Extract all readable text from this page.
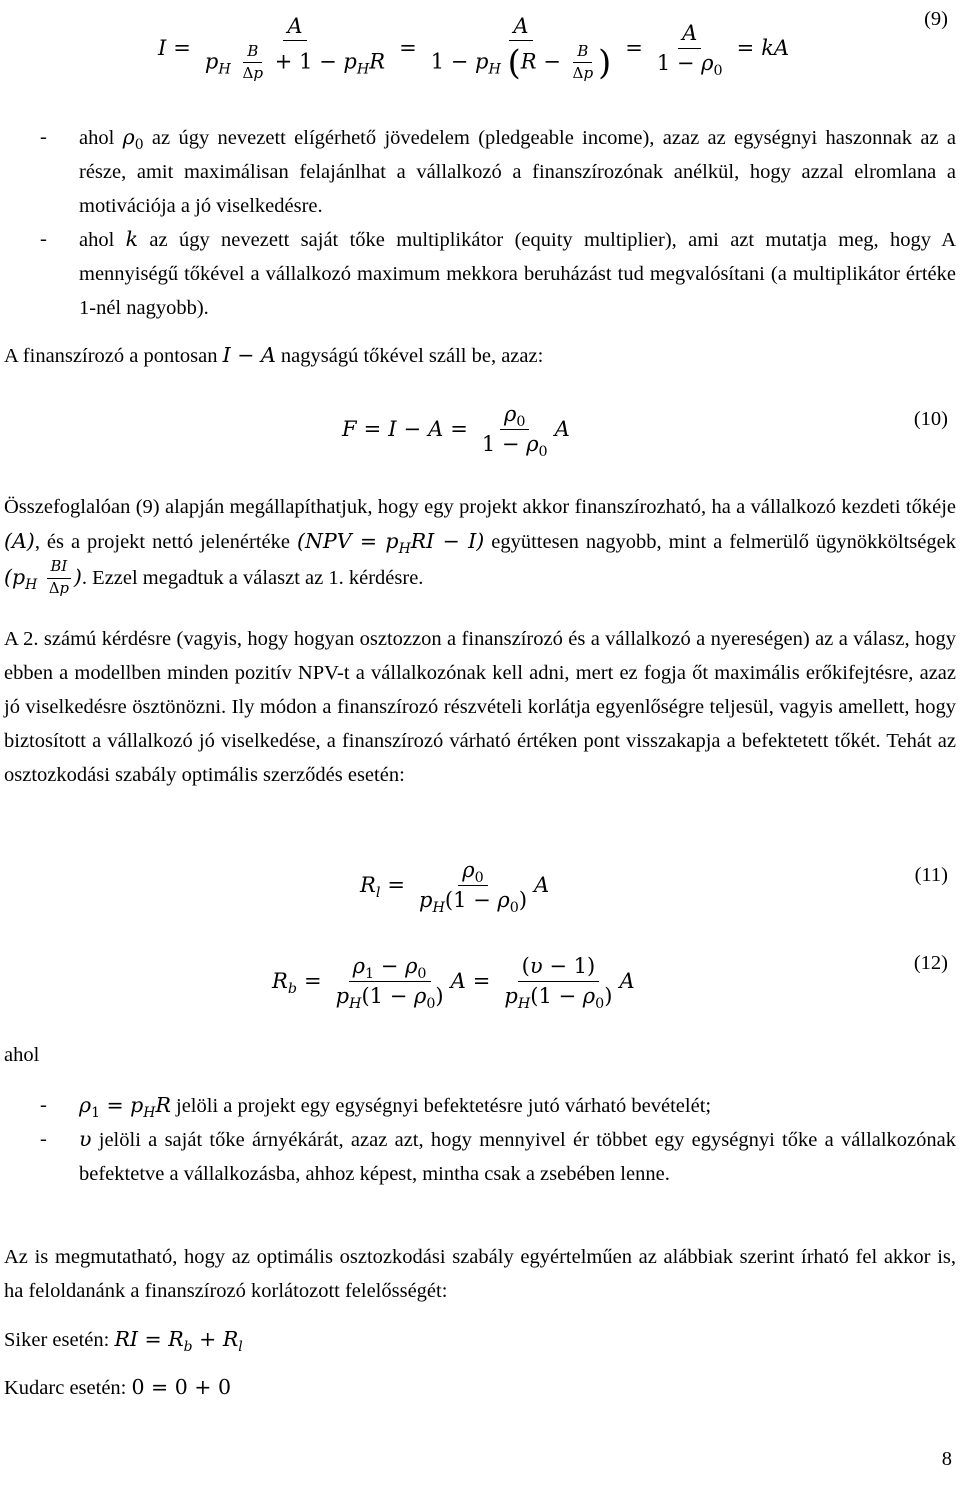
$I = \frac{A}{p_H \frac{B}{\Delta p} + 1 - p_HR} = \frac{A}{1 - p_H (R - \frac{B}{\Delta p} )} = \frac{A}{1 - \rho_0}$ = kA
(9)
- ahol $\rho_0$ az úgy nevezett elígérhető jövedelem (pledgeable income), azaz az egységnyi haszonnak az a része, amit maximálisan felajánlhat a vállalkozó a finanszírozónak anélkül, hogy azzal elromlana a motivációja a jó viselkedésre.
- ahol k az úgy nevezett saját tőke multiplikátor (equity multiplier), ami azt mutatja meg, hogy A mennyiségű tőkével a vállalkozó maximum mekkora beruházást tud megvalósítani (a multiplikátor értéke 1-nél nagyobb).
A finanszírozó a pontosan I − A nagyságú tőkével száll be, azaz:
$F = I - A = \frac{\rho_0}{1 - \rho_0}$ A	(10)
Összefoglalóan (9) alapján megállapíthatjuk, hogy egy projekt akkor finanszírozható, ha a vállalkozó kezdeti tőkéje (A), és a projekt nettó jelenértéke $(NPV = p_HRI - I)$ együttesen nagyobb, mint a felmerülő ügynökköltségek ($p_H \frac{BI}{\Delta p}$ ). Ezzel megadtuk a választ az 1. kérdésre.
A 2. számú kérdésre (vagyis, hogy hogyan osztozzon a finanszírozó és a vállalkozó a nyereségen) az a válasz, hogy ebben a modellben minden pozitív NPV-t a vállalkozónak kell adni, mert ez fogja őt maximális erőkifejtésre, azaz jó viselkedésre ösztönözni. Ily módon a finanszírozó részvételi korlátja egyenlőségre teljesül, vagyis amellett, hogy biztosított a vállalkozó jó viselkedése, a finanszírozó várható értéken pont visszakapja a befektetett tőkét. Tehát az osztozkodási szabály optimális szerződés esetén:
$R_l = \frac{\rho_0}{p_H(1 - \rho_0)}$ A	(11)
$R_b = \frac{\rho_1 - \rho_0}{p_H(1 - \rho_0)}$ $A = \frac{(\upsilon - 1)}{p_H(1 - \rho_0)}$ A
(12)
ahol
- $\rho_1 = p_HR$ jelöli a projekt egy egységnyi befektetésre jutó várható bevételét;
- υ jelöli a saját tőke árnyékárát, azaz azt, hogy mennyivel ér többet egy egységnyi tőke a vállalkozónak befektetve a vállalkozásba, ahhoz képest, mintha csak a zsebében lenne.
Az is megmutatható, hogy az optimális osztozkodási szabály egyértelműen az alábbiak szerint írható fel akkor is, ha feloldanánk a finanszírozó korlátozott felelősségét:
Siker esetén: RI = $R_b + R_l$
Kudarc esetén: 0 = 0 + 0
8
